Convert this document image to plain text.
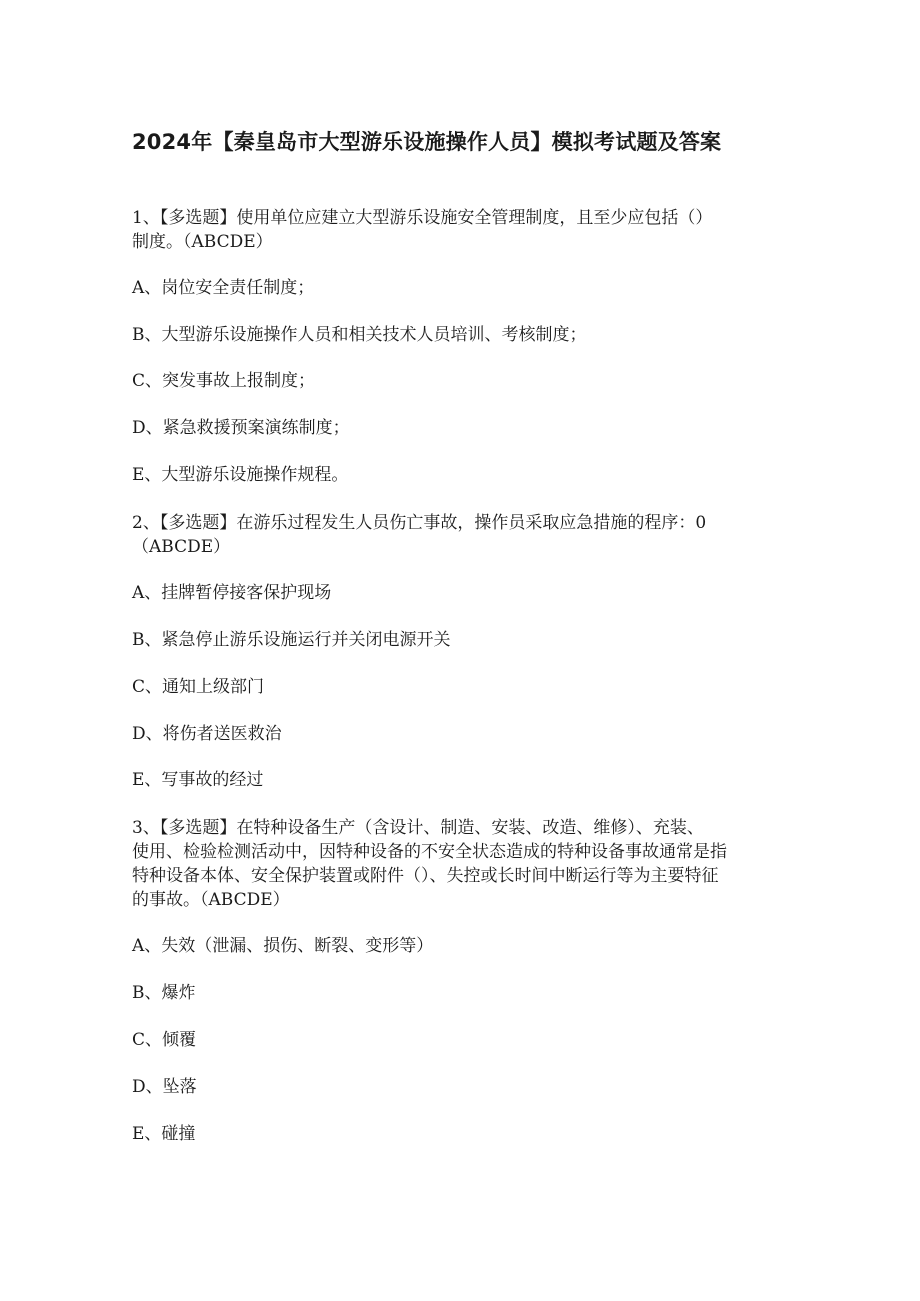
2024年【秦皇岛市大型游乐设施操作人员】模拟考试题及答案
1、【多选题】使用单位应建立大型游乐设施安全管理制度，且至少应包括（）
制度。（ABCDE）
A、岗位安全责任制度；
B、大型游乐设施操作人员和相关技术人员培训、考核制度；
C、突发事故上报制度；
D、紧急救援预案演练制度；
E、大型游乐设施操作规程。
2、【多选题】在游乐过程发生人员伤亡事故，操作员采取应急措施的程序：0
（ABCDE）
A、挂牌暂停接客保护现场
B、紧急停止游乐设施运行并关闭电源开关
C、通知上级部门
D、将伤者送医救治
E、写事故的经过
3、【多选题】在特种设备生产（含设计、制造、安装、改造、维修）、充装、
使用、检验检测活动中，因特种设备的不安全状态造成的特种设备事故通常是指
特种设备本体、安全保护装置或附件（）、失控或长时间中断运行等为主要特征
的事故。（ABCDE）
A、失效（泄漏、损伤、断裂、变形等）
B、爆炸
C、倾覆
D、坠落
E、碰撞
